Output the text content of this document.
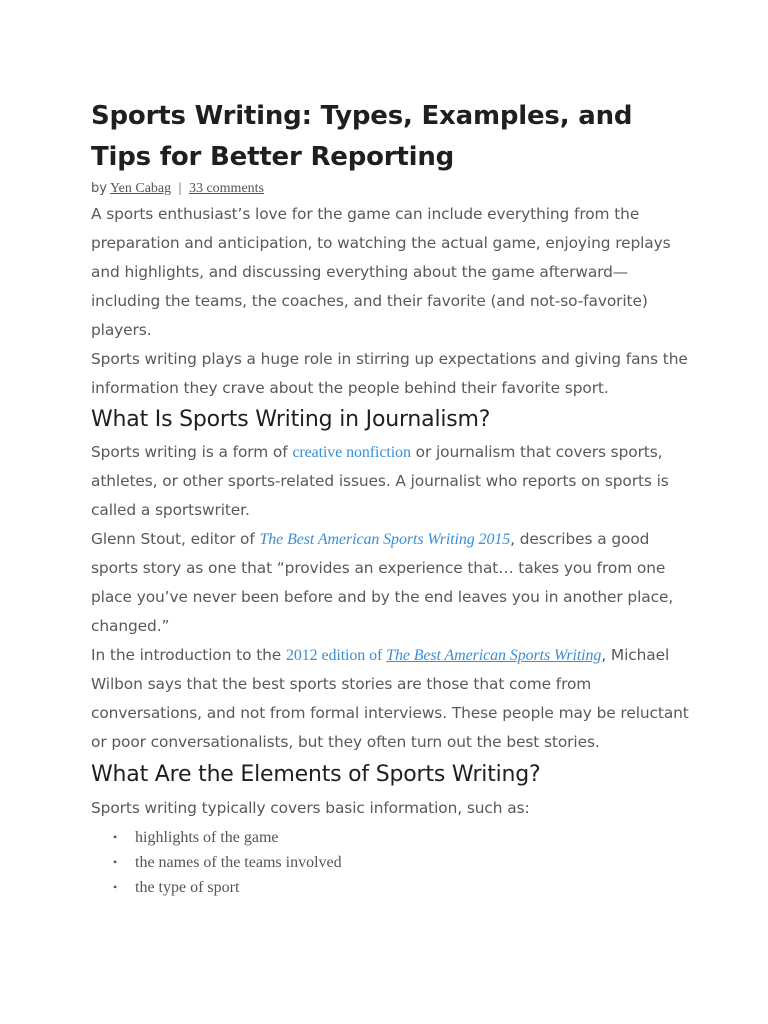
Sports Writing: Types, Examples, and Tips for Better Reporting
by Yen Cabag | 33 comments

A sports enthusiast’s love for the game can include everything from the preparation and anticipation, to watching the actual game, enjoying replays and highlights, and discussing everything about the game afterward—including the teams, the coaches, and their favorite (and not-so-favorite) players.

Sports writing plays a huge role in stirring up expectations and giving fans the information they crave about the people behind their favorite sport.

What Is Sports Writing in Journalism?

Sports writing is a form of creative nonfiction or journalism that covers sports, athletes, or other sports-related issues. A journalist who reports on sports is called a sportswriter.

Glenn Stout, editor of The Best American Sports Writing 2015, describes a good sports story as one that “provides an experience that… takes you from one place you’ve never been before and by the end leaves you in another place, changed.”

In the introduction to the 2012 edition of The Best American Sports Writing, Michael Wilbon says that the best sports stories are those that come from conversations, and not from formal interviews. These people may be reluctant or poor conversationalists, but they often turn out the best stories.

What Are the Elements of Sports Writing?

Sports writing typically covers basic information, such as:

• highlights of the game
• the names of the teams involved
• the type of sport
